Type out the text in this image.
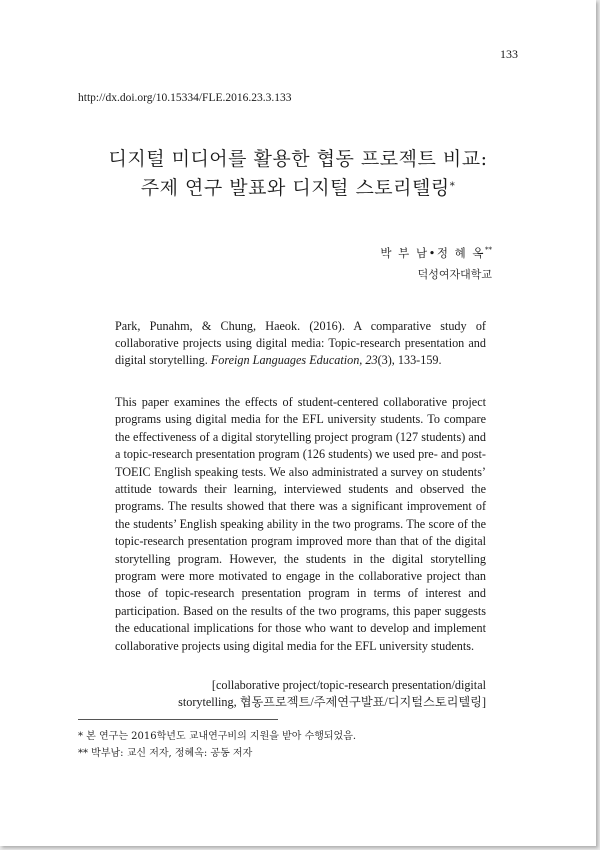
133
http://dx.doi.org/10.15334/FLE.2016.23.3.133
디지털 미디어를 활용한 협동 프로젝트 비교:
주제 연구 발표와 디지털 스토리텔링*
박 부 남•정 혜 옥**
덕성여자대학교
Park, Punahm, & Chung, Haeok. (2016). A comparative study of collaborative projects using digital media: Topic-research presentation and digital storytelling. Foreign Languages Education, 23(3), 133-159.
This paper examines the effects of student-centered collaborative project programs using digital media for the EFL university students. To compare the effectiveness of a digital storytelling project program (127 students) and a topic-research presentation program (126 students) we used pre- and post-TOEIC English speaking tests. We also administrated a survey on students’ attitude towards their learning, interviewed students and observed the programs. The results showed that there was a significant improvement of the students’ English speaking ability in the two programs. The score of the topic-research presentation program improved more than that of the digital storytelling program. However, the students in the digital storytelling program were more motivated to engage in the collaborative project than those of topic-research presentation program in terms of interest and participation. Based on the results of the two programs, this paper suggests the educational implications for those who want to develop and implement collaborative projects using digital media for the EFL university students.
[collaborative project/topic-research presentation/digital
storytelling, 협동프로젝트/주제연구발표/디지털스토리텔링]
* 본 연구는 2016학년도 교내연구비의 지원을 받아 수행되었음.
** 박부남: 교신 저자, 정혜옥: 공동 저자
